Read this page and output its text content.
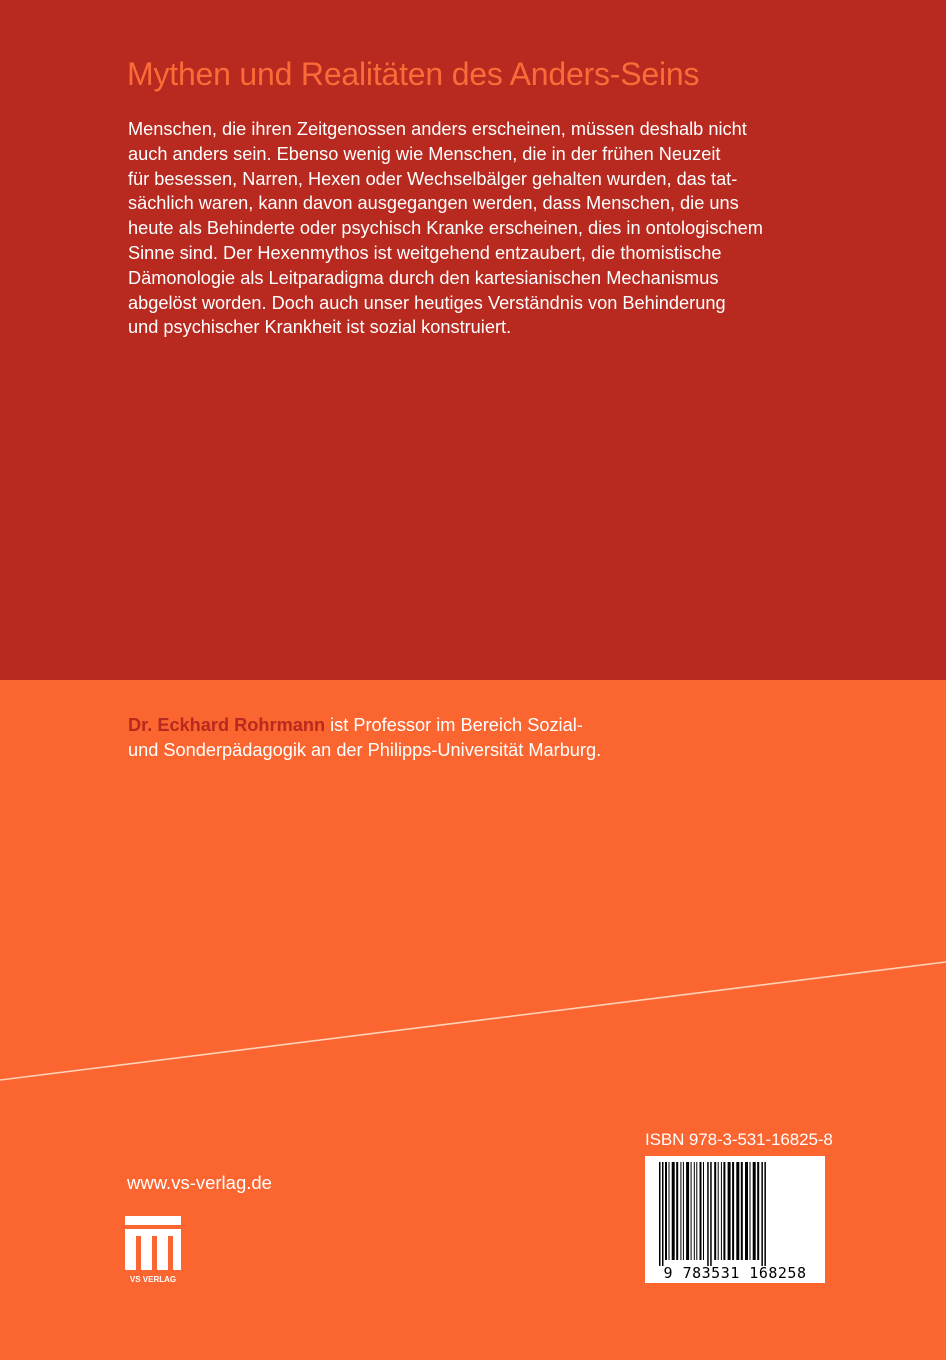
Mythen und Realitäten des Anders-Seins

Menschen, die ihren Zeitgenossen anders erscheinen, müssen deshalb nicht
auch anders sein. Ebenso wenig wie Menschen, die in der frühen Neuzeit
für besessen, Narren, Hexen oder Wechselbälger gehalten wurden, das tat-
sächlich waren, kann davon ausgegangen werden, dass Menschen, die uns
heute als Behinderte oder psychisch Kranke erscheinen, dies in ontologischem
Sinne sind. Der Hexenmythos ist weitgehend entzaubert, die thomistische
Dämonologie als Leitparadigma durch den kartesianischen Mechanismus
abgelöst worden. Doch auch unser heutiges Verständnis von Behinderung
und psychischer Krankheit ist sozial konstruiert.

Dr. Eckhard Rohrmann ist Professor im Bereich Sozial-
und Sonderpädagogik an der Philipps-Universität Marburg.

www.vs-verlag.de
VS VERLAG
ISBN 978-3-531-16825-8
9 783531 168258
